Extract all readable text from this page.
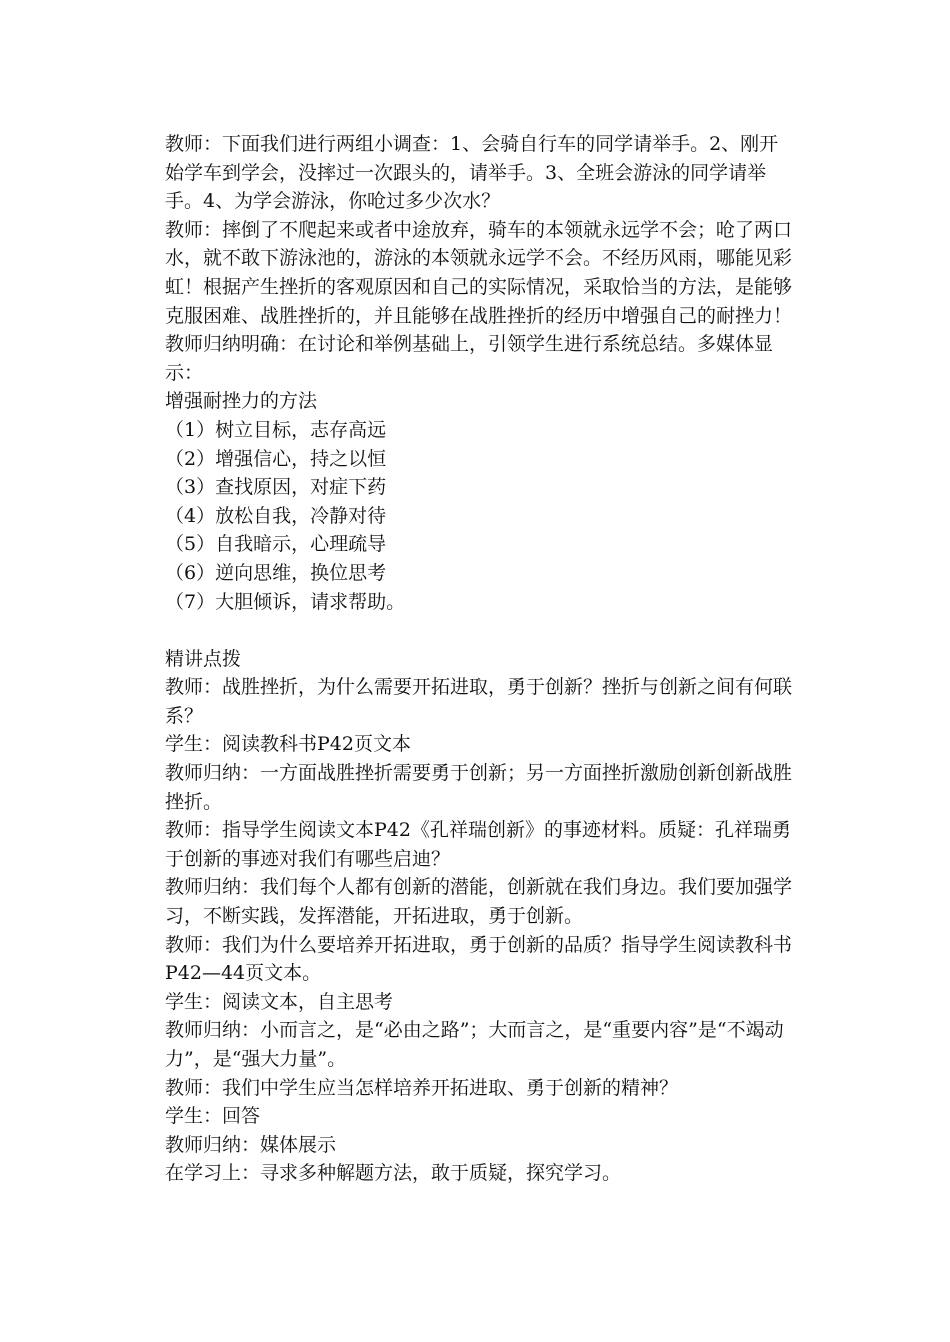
教师：下面我们进行两组小调查：1、会骑自行车的同学请举手。2、刚开始学车到学会，没摔过一次跟头的，请举手。3、全班会游泳的同学请举手。4、为学会游泳，你呛过多少次水？

教师：摔倒了不爬起来或者中途放弃，骑车的本领就永远学不会；呛了两口水，就不敢下游泳池的，游泳的本领就永远学不会。不经历风雨，哪能见彩虹！根据产生挫折的客观原因和自己的实际情况，采取恰当的方法，是能够克服困难、战胜挫折的，并且能够在战胜挫折的经历中增强自己的耐挫力！

教师归纳明确：在讨论和举例基础上，引领学生进行系统总结。多媒体显示：

增强耐挫力的方法

（1）树立目标，志存高远

（2）增强信心，持之以恒

（3）查找原因，对症下药

（4）放松自我，冷静对待

（5）自我暗示，心理疏导

（6）逆向思维，换位思考

（7）大胆倾诉，请求帮助。

精讲点拨

教师：战胜挫折，为什么需要开拓进取，勇于创新？挫折与创新之间有何联系？

学生：阅读教科书P42页文本

教师归纳：一方面战胜挫折需要勇于创新；另一方面挫折激励创新创新战胜挫折。

教师：指导学生阅读文本P42《孔祥瑞创新》的事迹材料。质疑：孔祥瑞勇于创新的事迹对我们有哪些启迪？

教师归纳：我们每个人都有创新的潜能，创新就在我们身边。我们要加强学习，不断实践，发挥潜能，开拓进取，勇于创新。

教师：我们为什么要培养开拓进取，勇于创新的品质？指导学生阅读教科书P42—44页文本。

学生：阅读文本，自主思考

教师归纳：小而言之，是“必由之路”；大而言之，是“重要内容”是“不竭动力”，是“强大力量”。

教师：我们中学生应当怎样培养开拓进取、勇于创新的精神？

学生：回答

教师归纳：媒体展示

在学习上：寻求多种解题方法，敢于质疑，探究学习。
